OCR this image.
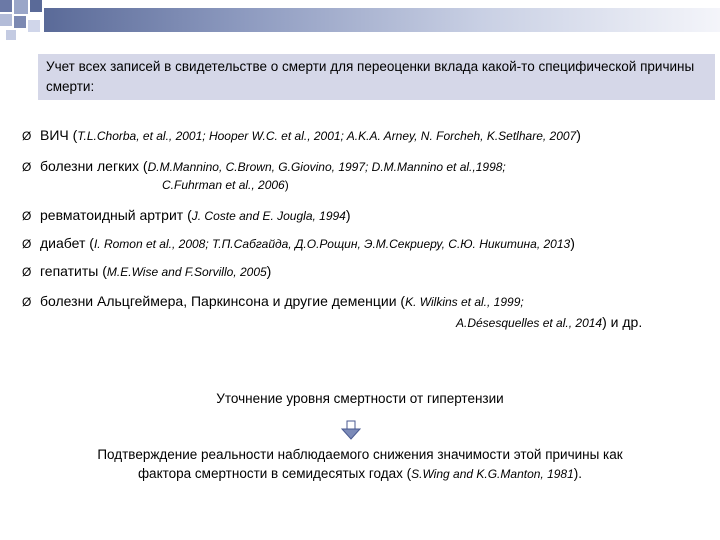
Учет всех записей в свидетельстве о смерти для переоценки вклада какой-то специфической причины смерти:
Ø ВИЧ (T.L.Chorba, et al., 2001; Hooper W.C. et al., 2001; A.K.A. Arney, N. Forcheh, K.Setlhare, 2007)
Ø болезни легких (D.M.Mannino, C.Brown, G.Giovino, 1997; D.M.Mannino et al.,1998;
C.Fuhrman et al., 2006)
Ø ревматоидный артрит (J. Coste and E. Jougla, 1994)
Ø диабет (I. Romon et al., 2008; Т.П.Сабгайда, Д.О.Рощин, Э.М.Секриеру, С.Ю. Никитина, 2013)
Ø гепатиты (M.E.Wise and F.Sorvillo, 2005)
Ø болезни Альцгеймера, Паркинсона и другие деменции (K. Wilkins et al., 1999;
A.Désesquelles et al., 2014) и др.
Уточнение уровня смертности от гипертензии
Подтверждение реальности наблюдаемого снижения значимости этой причины как
фактора смертности в семидесятых годах (S.Wing and K.G.Manton, 1981).
